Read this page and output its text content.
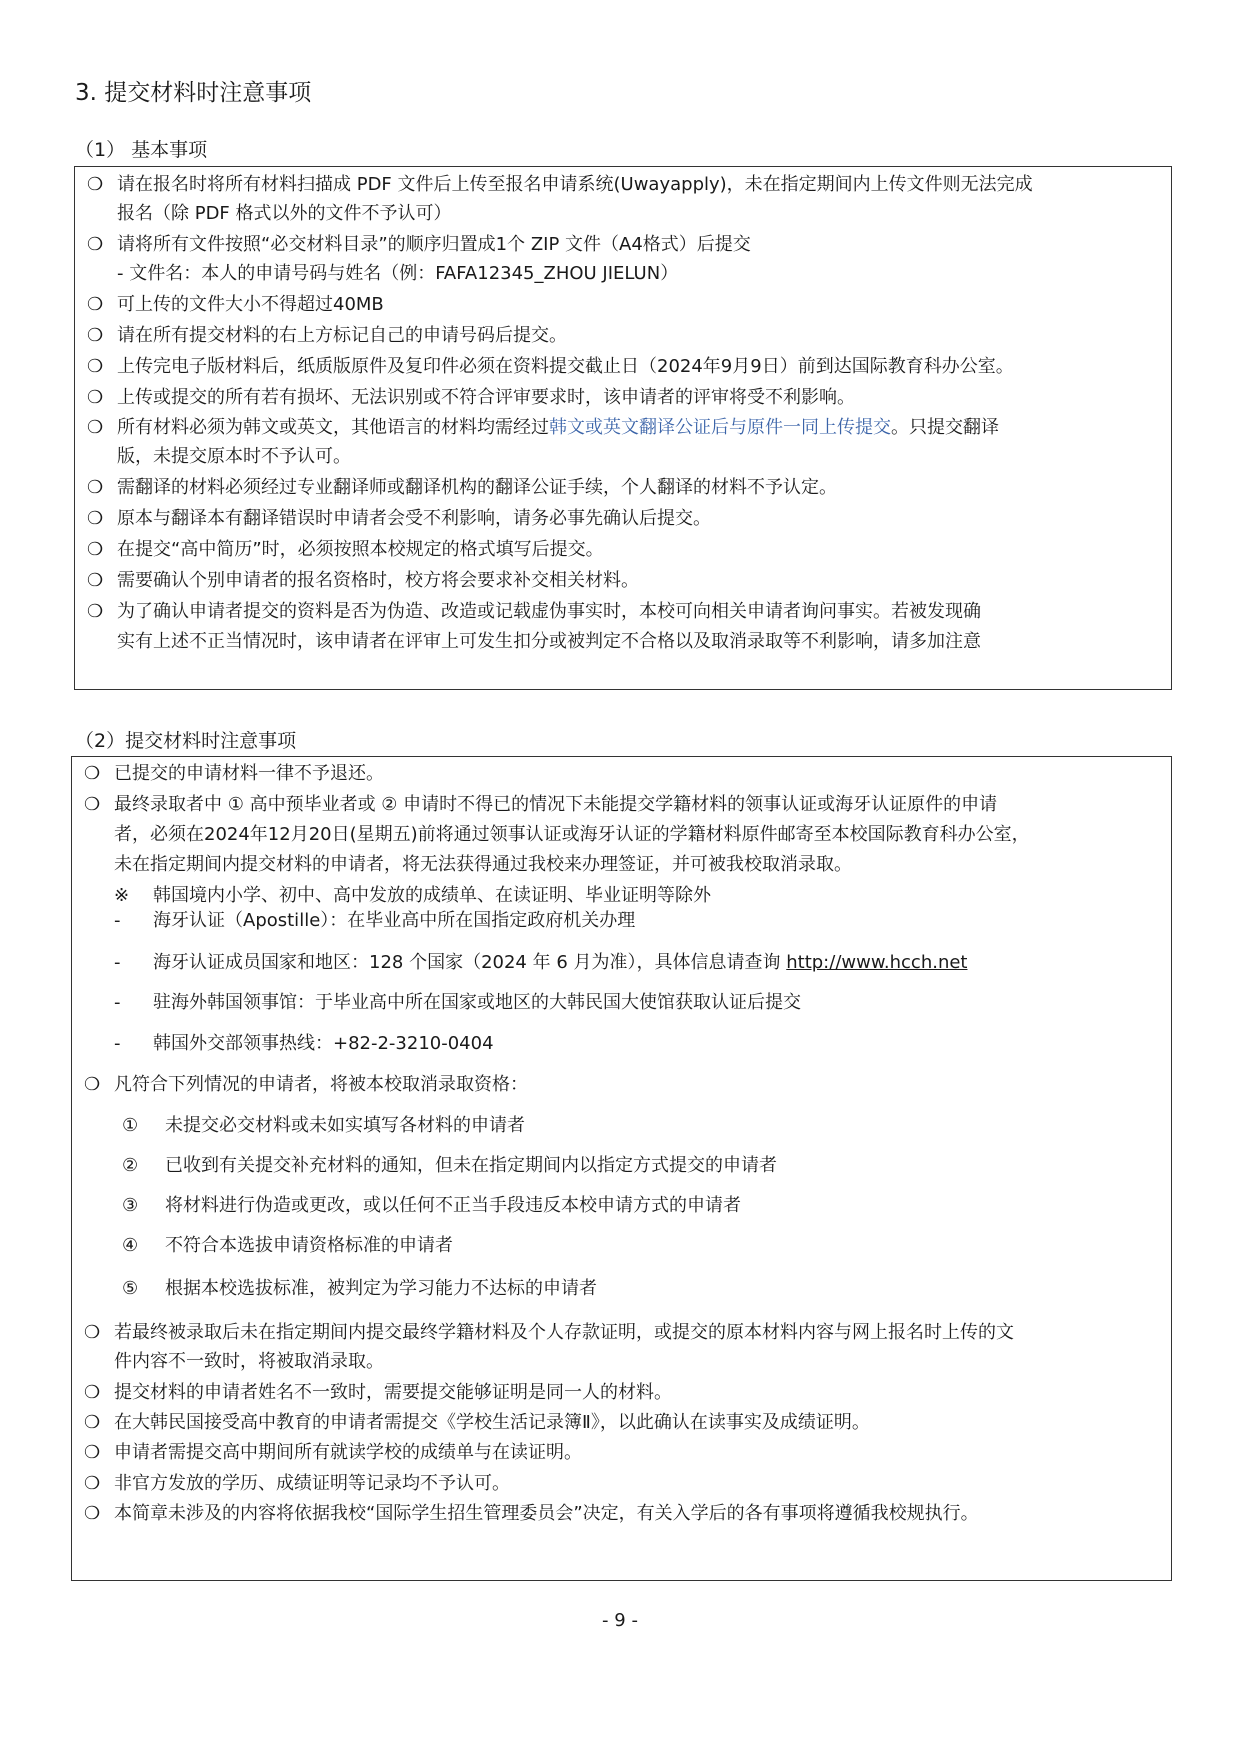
3. 提交材料时注意事项
（1） 基本事项
❍ 请在报名时将所有材料扫描成 PDF 文件后上传至报名申请系统(Uwayapply)，未在指定期间内上传文件则无法完成
报名（除 PDF 格式以外的文件不予认可）
❍ 请将所有文件按照“必交材料目录”的顺序归置成1个 ZIP 文件（A4格式）后提交
- 文件名：本人的申请号码与姓名（例：FAFA12345_ZHOU JIELUN）
❍ 可上传的文件大小不得超过40MB
❍ 请在所有提交材料的右上方标记自己的申请号码后提交。
❍ 上传完电子版材料后，纸质版原件及复印件必须在资料提交截止日（2024年9月9日）前到达国际教育科办公室。
❍ 上传或提交的所有若有损坏、无法识别或不符合评审要求时，该申请者的评审将受不利影响。
❍ 所有材料必须为韩文或英文，其他语言的材料均需经过韩文或英文翻译公证后与原件一同上传提交。只提交翻译
版，未提交原本时不予认可。
❍ 需翻译的材料必须经过专业翻译师或翻译机构的翻译公证手续，个人翻译的材料不予认定。
❍ 原本与翻译本有翻译错误时申请者会受不利影响，请务必事先确认后提交。
❍ 在提交“高中简历”时，必须按照本校规定的格式填写后提交。
❍ 需要确认个别申请者的报名资格时，校方将会要求补交相关材料。
❍ 为了确认申请者提交的资料是否为伪造、改造或记载虚伪事实时，本校可向相关申请者询问事实。若被发现确
实有上述不正当情况时，该申请者在评审上可发生扣分或被判定不合格以及取消录取等不利影响，请多加注意
（2）提交材料时注意事项
❍ 已提交的申请材料一律不予退还。
❍ 最终录取者中 ① 高中预毕业者或 ② 申请时不得已的情况下未能提交学籍材料的领事认证或海牙认证原件的申请
者，必须在2024年12月20日(星期五)前将通过领事认证或海牙认证的学籍材料原件邮寄至本校国际教育科办公室，
未在指定期间内提交材料的申请者，将无法获得通过我校来办理签证，并可被我校取消录取。
※ 韩国境内小学、初中、高中发放的成绩单、在读证明、毕业证明等除外
- 海牙认证（Apostille）：在毕业高中所在国指定政府机关办理
- 海牙认证成员国家和地区：128 个国家（2024 年 6 月为准），具体信息请查询 http://www.hcch.net
- 驻海外韩国领事馆：于毕业高中所在国家或地区的大韩民国大使馆获取认证后提交
- 韩国外交部领事热线：+82-2-3210-0404
❍ 凡符合下列情况的申请者，将被本校取消录取资格：
① 未提交必交材料或未如实填写各材料的申请者
② 已收到有关提交补充材料的通知，但未在指定期间内以指定方式提交的申请者
③ 将材料进行伪造或更改，或以任何不正当手段违反本校申请方式的申请者
④ 不符合本选拔申请资格标准的申请者
⑤ 根据本校选拔标准，被判定为学习能力不达标的申请者
❍ 若最终被录取后未在指定期间内提交最终学籍材料及个人存款证明，或提交的原本材料内容与网上报名时上传的文
件内容不一致时，将被取消录取。
❍ 提交材料的申请者姓名不一致时，需要提交能够证明是同一人的材料。
❍ 在大韩民国接受高中教育的申请者需提交《学校生活记录簿Ⅱ》，以此确认在读事实及成绩证明。
❍ 申请者需提交高中期间所有就读学校的成绩单与在读证明。
❍ 非官方发放的学历、成绩证明等记录均不予认可。
❍ 本简章未涉及的内容将依据我校“国际学生招生管理委员会”决定，有关入学后的各有事项将遵循我校规执行。
- 9 -
